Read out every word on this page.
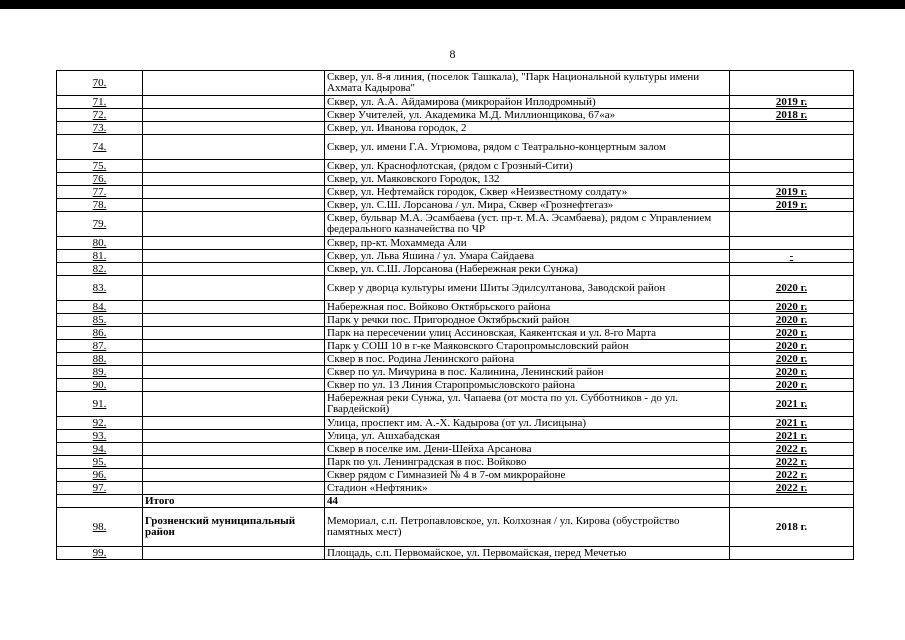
8
70.		Сквер, ул. 8-я линия, (поселок Ташкала), "Парк Национальной культуры имени Ахмата Кадырова"	
71.		Сквер, ул. А.А. Айдамирова (микрорайон Иплодромный)	2019 г.
72.		Сквер Учителей, ул. Академика М.Д. Миллионщикова, 67«а»	2018 г.
73.		Сквер, ул. Иванова городок, 2	
74.		Сквер, ул. имени Г.А. Угрюмова, рядом с Театрально-концертным залом	
75.		Сквер, ул. Краснофлотская, (рядом с Грозный-Сити)	
76.		Сквер, ул. Маяковского Городок, 132	
77.		Сквер, ул. Нефтемайск городок, Сквер «Неизвестному солдату»	2019 г.
78.		Сквер, ул. С.Ш. Лорсанова / ул. Мира, Сквер «Грознефтегаз»	2019 г.
79.		Сквер, бульвар М.А. Эсамбаева (уст. пр-т. М.А. Эсамбаева), рядом с Управлением федерального казначейства по ЧР	
80.		Сквер, пр-кт. Мохаммеда Али	
81.		Сквер, ул. Льва Яшина / ул. Умара Сайдаева	-
82.		Сквер, ул. С.Ш. Лорсанова (Набережная реки Сунжа)	
83.		Сквер у дворца культуры имени Шиты Эдилсултанова, Заводской район	2020 г.
84.		Набережная пос. Войково Октябрьского района	2020 г.
85.		Парк у речки пос. Пригородное Октябрьский район	2020 г.
86.		Парк на пересечении улиц Ассиновская, Каякентская и ул. 8-го Марта	2020 г.
87.		Парк у СОШ 10 в г-ке Маяковского Старопромысловский район	2020 г.
88.		Сквер в пос. Родина Ленинского района	2020 г.
89.		Сквер по ул. Мичурина в пос. Калинина, Ленинский район	2020 г.
90.		Сквер по ул. 13 Линия Старопромысловского района	2020 г.
91.		Набережная реки Сунжа, ул. Чапаева (от моста по ул. Субботников - до ул. Гвардейской)	2021 г.
92.		Улица, проспект им. А.-Х. Кадырова (от ул. Лисицына)	2021 г.
93.		Улица, ул. Ашхабадская	2021 г.
94.		Сквер в поселке им. Дени-Шейха Арсанова	2022 г.
95.		Парк по ул. Ленинградская в пос. Войково	2022 г.
96.		Сквер рядом с Гимназией № 4 в 7-ом микрорайоне	2022 г.
97.		Стадион «Нефтяник»	2022 г.
	Итого	44	
98.	Грозненский муниципальный район	Мемориал, с.п. Петропавловское, ул. Колхозная / ул. Кирова (обустройство памятных мест)	2018 г.
99.		Площадь, с.п. Первомайское, ул. Первомайская, перед Мечетью	
